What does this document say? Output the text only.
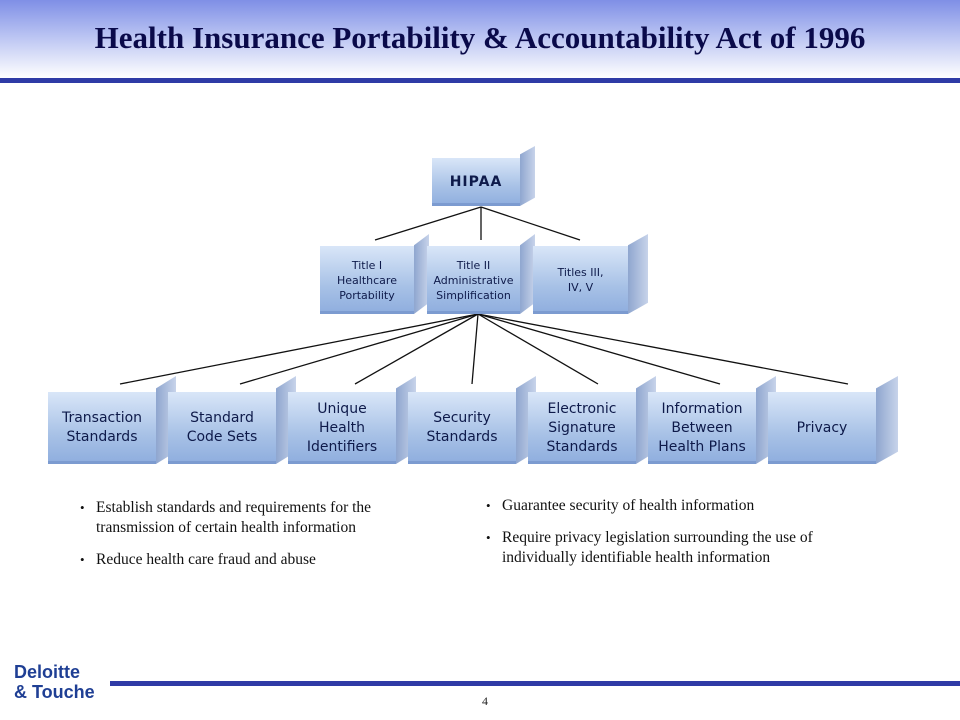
Health Insurance Portability & Accountability Act of 1996
HIPAA
Title I
Healthcare
Portability
Title II
Administrative
Simplification
Titles III,
IV, V
Transaction
Standards
Standard
Code Sets
Unique
Health
Identifiers
Security
Standards
Electronic
Signature
Standards
Information
Between
Health Plans
Privacy
• Establish standards and requirements for the transmission of certain health information
• Reduce health care fraud and abuse
• Guarantee security of health information
• Require privacy legislation surrounding the use of individually identifiable health information
Deloitte
& Touche	4
